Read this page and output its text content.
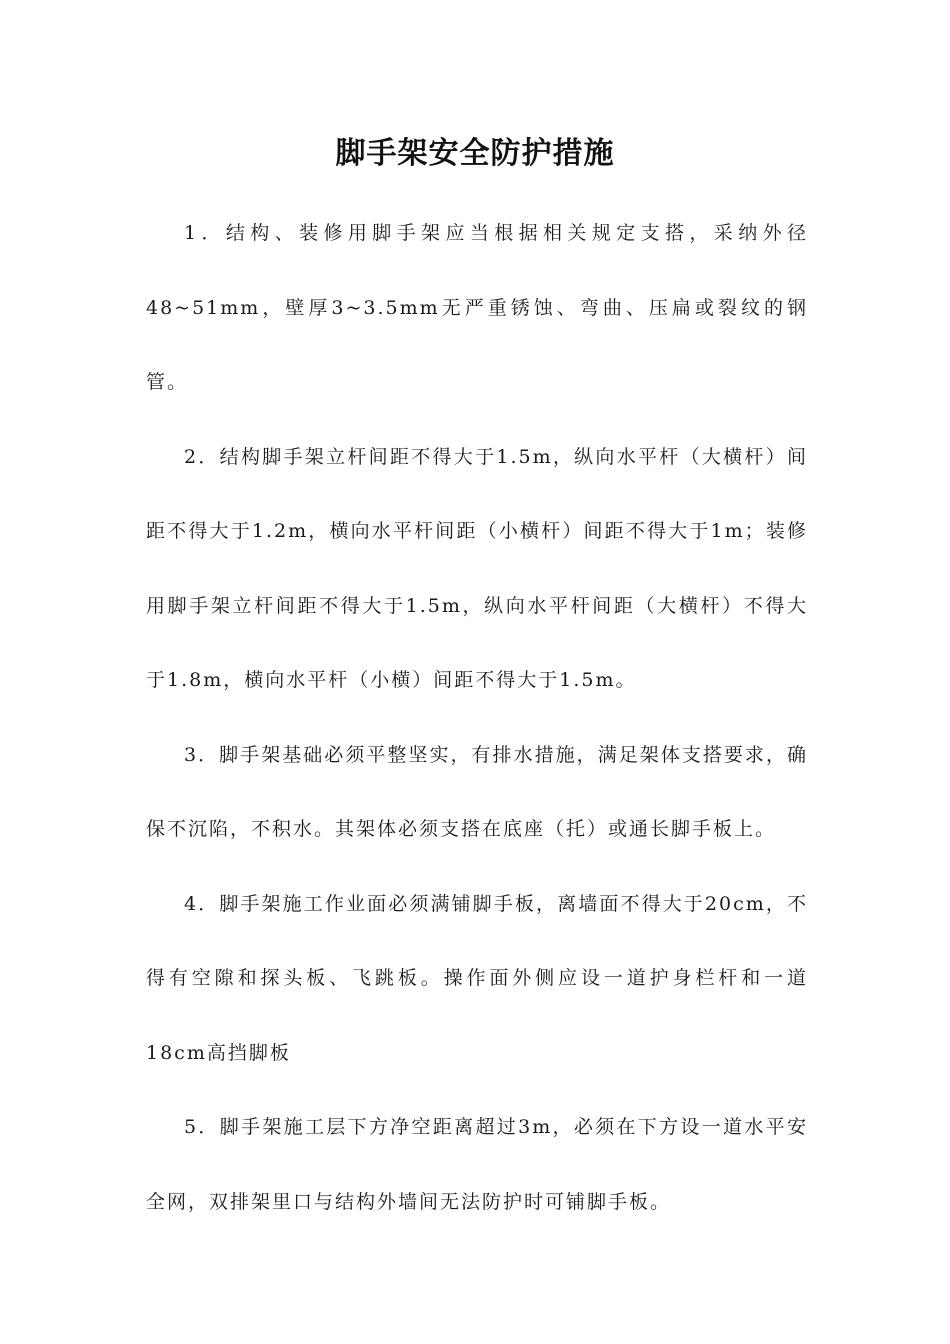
脚手架安全防护措施

1．结构、装修用脚手架应当根据相关规定支搭，采纳外径48~51mm，壁厚3~3.5mm无严重锈蚀、弯曲、压扁或裂纹的钢管。

2．结构脚手架立杆间距不得大于1.5m，纵向水平杆（大横杆）间距不得大于1.2m，横向水平杆间距（小横杆）间距不得大于1m；装修用脚手架立杆间距不得大于1.5m，纵向水平杆间距（大横杆）不得大于1.8m，横向水平杆（小横）间距不得大于1.5m。

3．脚手架基础必须平整坚实，有排水措施，满足架体支搭要求，确保不沉陷，不积水。其架体必须支搭在底座（托）或通长脚手板上。

4．脚手架施工作业面必须满铺脚手板，离墙面不得大于20cm，不得有空隙和探头板、飞跳板。操作面外侧应设一道护身栏杆和一道18cm高挡脚板

5．脚手架施工层下方净空距离超过3m，必须在下方设一道水平安全网，双排架里口与结构外墙间无法防护时可铺脚手板。
